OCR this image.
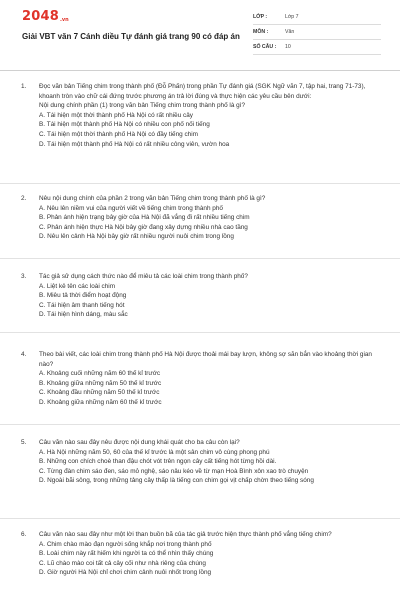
2048 .vn
Giải VBT văn 7 Cánh diều Tự đánh giá trang 90 có đáp án
LỚP :	Lớp 7
MÔN :	Văn
SỐ CÂU : 10
1. Đọc văn bản Tiếng chim trong thành phố (Đỗ Phấn) trong phần Tự đánh giá (SGK Ngữ văn 7, tập hai, trang 71-73), khoanh tròn vào chữ cái đứng trước phương án trả lời đúng và thực hiện các yêu cầu bên dưới:

Nội dung chính phần (1) trong văn bản Tiếng chim trong thành phố là gì?

A. Tái hiện một thời thành phố Hà Nội có rất nhiều cây

B. Tái hiện một thành phố Hà Nội có nhiều con phố nối tiếng

C. Tái hiện một thời thành phố Hà Nội có đầy tiếng chim

D. Tái hiện một thành phố Hà Nội có rất nhiều công viên, vườn hoa

2. Nêu nội dung chính của phần 2 trong văn bản Tiếng chim trong thành phố là gì?

A. Nêu lên niềm vui của người viết về tiếng chim trong thành phố

B. Phản ánh hiện trạng bây giờ của Hà Nội đã vắng đi rất nhiều tiếng chim

C. Phản ánh hiện thực Hà Nội bây giờ đang xây dựng nhiều nhà cao tầng

D. Nêu lên cảnh Hà Nội bây giờ rất nhiều người nuôi chim trong lồng

3. Tác giả sử dụng cách thức nào để miêu tả các loài chim trong thành phố?

A. Liệt kê tên các loài chim

B. Miêu tả thời điểm hoạt động

C. Tái hiện âm thanh tiếng hót

D. Tái hiện hình dáng, màu sắc

4. Theo bài viết, các loài chim trong thành phố Hà Nội được thoải mái bay lượn, không sợ săn bắn vào khoảng thời gian nào?

A. Khoảng cuối những năm 60 thế kỉ trước

B. Khoảng giữa những năm 50 thế kỉ trước

C. Khoảng đầu những năm 50 thế kỉ trước

D. Khoảng giữa những năm 60 thế kỉ trước

5. Câu văn nào sau đây nêu được nội dung khái quát cho ba câu còn lại?

A. Hà Nội những năm 50, 60 của thế kỉ trước là một sân chim vô cùng phong phú

B. Những con chích choè than đậu chót vót trên ngọn cây cất tiếng hót từng hồi dài.

C. Từng đàn chim sáo đen, sáo mỏ nghệ, sáo nâu kéo về từ mạn Hoà Bình xôn xao trò chuyện

D. Ngoài bãi sông, trong những tảng cây thấp là tiếng con chim gọi vịt chấp chờn theo tiếng sóng

6. Câu văn nào sau đây như một lời than buồn bã của tác giả trước hiện thực thành phố vắng tiếng chim?

A. Chim chào mào đạn người sống khắp nơi trong thành phố

B. Loài chim này rất hiếm khi người ta có thể nhìn thấy chúng

C. Lũ chào mào coi tất cả cây cối như nhà riêng của chúng

D. Giờ người Hà Nội chỉ chơi chim cảnh nuôi nhốt trong lồng
